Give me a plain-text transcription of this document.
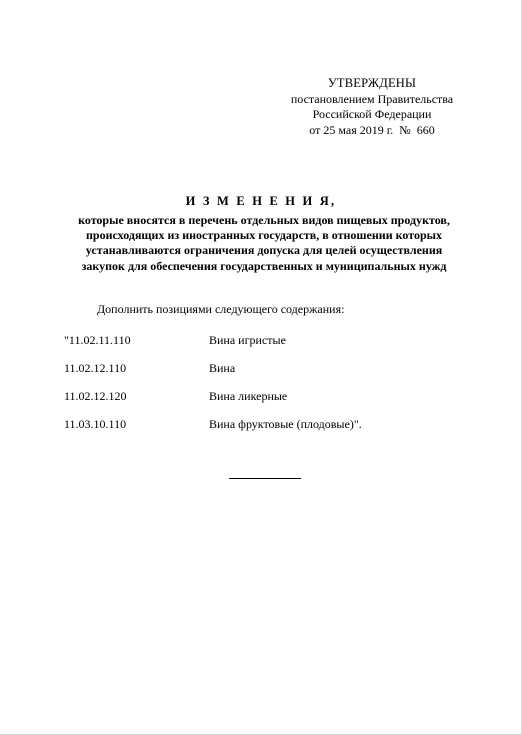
УТВЕРЖДЕНЫ
постановлением Правительства
Российской Федерации
от 25 мая 2019 г.  №  660
И З М Е Н Е Н И Я,
которые вносятся в перечень отдельных видов пищевых продуктов,
происходящих из иностранных государств, в отношении которых
устанавливаются ограничения допуска для целей осуществления
закупок для обеспечения государственных и муниципальных нужд
Дополнить позициями следующего содержания:
"11.02.11.110	Вина игристые
11.02.12.110	Вина
11.02.12.120	Вина ликерные
11.03.10.110	Вина фруктовые (плодовые)".
